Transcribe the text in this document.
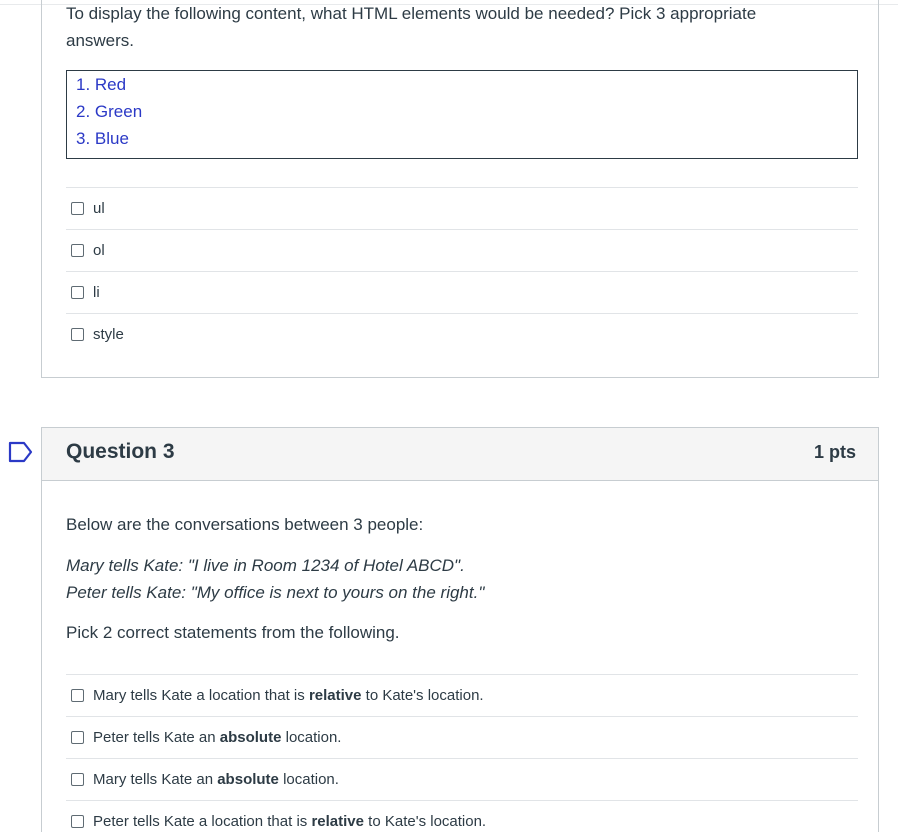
To display the following content, what HTML elements would be needed? Pick 3 appropriate answers.
1. Red
2. Green
3. Blue
ul
ol
li
style
Question 3	1 pts
Below are the conversations between 3 people:
Mary tells Kate: "I live in Room 1234 of Hotel ABCD".
Peter tells Kate: "My office is next to yours on the right."
Pick 2 correct statements from the following.
Mary tells Kate a location that is relative to Kate's location.
Peter tells Kate an absolute location.
Mary tells Kate an absolute location.
Peter tells Kate a location that is relative to Kate's location.
